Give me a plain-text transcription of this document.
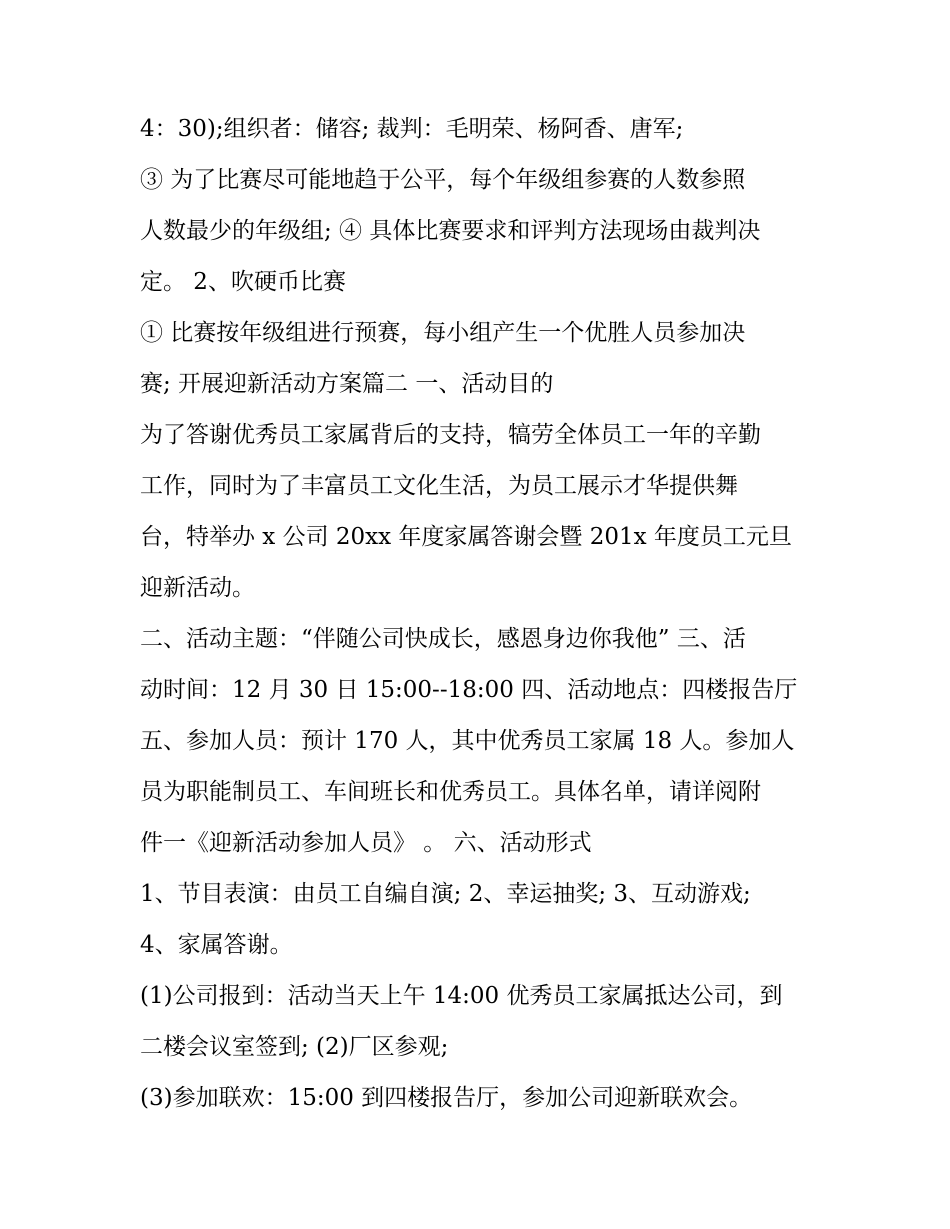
4：30);组织者：储容; 裁判：毛明荣、杨阿香、唐军;
③ 为了比赛尽可能地趋于公平，每个年级组参赛的人数参照
人数最少的年级组; ④ 具体比赛要求和评判方法现场由裁判决
定。 2、吹硬币比赛
① 比赛按年级组进行预赛，每小组产生一个优胜人员参加决
赛; 开展迎新活动方案篇二 一、活动目的
为了答谢优秀员工家属背后的支持，犒劳全体员工一年的辛勤
工作，同时为了丰富员工文化生活，为员工展示才华提供舞
台，特举办 x 公司 20xx 年度家属答谢会暨 201x 年度员工元旦
迎新活动。
二、活动主题：“伴随公司快成长，感恩身边你我他” 三、活
动时间：12 月 30 日 15:00--18:00 四、活动地点：四楼报告厅
五、参加人员：预计 170 人，其中优秀员工家属 18 人。参加人
员为职能制员工、车间班长和优秀员工。具体名单，请详阅附
件一《迎新活动参加人员》 。 六、活动形式
1、节目表演：由员工自编自演; 2、幸运抽奖; 3、互动游戏;
4、家属答谢。
(1)公司报到：活动当天上午 14:00 优秀员工家属抵达公司，到
二楼会议室签到; (2)厂区参观;
(3)参加联欢：15:00 到四楼报告厅，参加公司迎新联欢会。
